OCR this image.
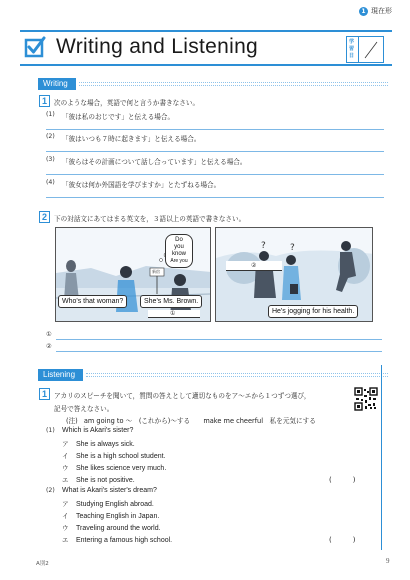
1 現在形
Writing and Listening	学習日
Writing
1	次のような場合，英語で何と言うか書きなさい。
(1) 「彼は私のおじです」と伝える場合。
(2) 「彼はいつも７時に起きます」と伝える場合。
(3) 「彼らはその計画について話し合っています」と伝える場合。
(4) 「彼女は何か外国語を学びますか」とたずねる場合。
2	下の対話文にあてはまる英文を，３語以上の英語で書きなさい。
Do you know
Are you
新宿
Who's that woman?	She's Ms. Brown.
①
?	?
②
He's jogging for his health.
①
②
Listening
1	アカリのスピーチを聞いて，質問の答えとして適切なものをア～エから１つずつ選び，
記号で答えなさい。
(注) am going to ～　(これから)～する　　make me cheerful　私を元気にする
(1) Which is Akari's sister?
ア She is always sick.
イ She is a high school student.
ウ She likes science very much.
エ She is not positive.	(　　　)
(2) What is Akari's sister's dream?
ア Studying English abroad.
イ Teaching English in Japan.
ウ Traveling around the world.
エ Entering a famous high school.	(　　　)
A別2	9
